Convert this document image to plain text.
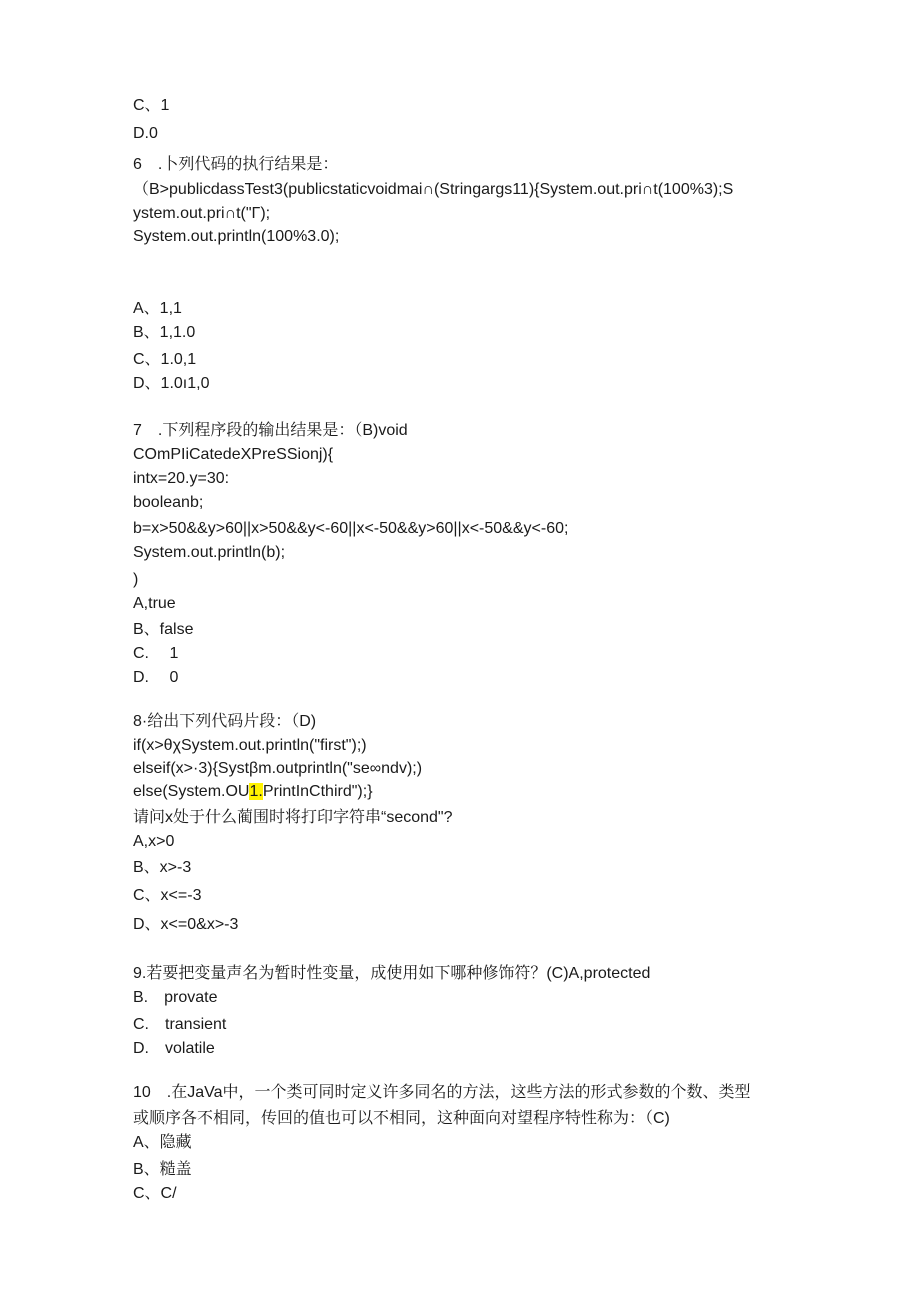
C、1
D.0
6　.卜列代码的执行结果是：
（B>publicdassTest3(publicstaticvoidmai∩(Stringargs11){System.out.pri∩t(100%3);S
ystem.out.pri∩t("Γ);
System.out.println(100%3.0);
A、1,1
B、1,1.0
C、1.0,1
D、1.0ı1,0
7　.下列程序段的输出结果是：（B)void
COmPIiCatedeXPreSSionj){
intx=20.y=30:
booleanb;
b=x>50&&y>60||x>50&&y<-60||x<-50&&y>60||x<-50&&y<-60;
System.out.println(b);
)
A,true
B、false
C.  1
D.  0
8·给出下列代码片段：（D)
if(x>θχSystem.out.println("first");)
elseif(x>·3){Systβm.outprintln("se∞ndv);)
else(System.OU1.PrintInCthird");}
请问x处于什么蔺围时将打印字符串“second"?
A,x>0
B、x>-3
C、x<=-3
D、x<=0&x>-3
9.若要把变量声名为暂时性变量，成使用如下哪种修饰符？(C)A,protected
B. provate
C. transient
D. volatile
10　.在JaVa中，一个类可同时定义许多同名的方法，这些方法的形式参数的个数、类型
或顺序各不相同，传回的值也可以不相同，这种面向对望程序特性称为：（C)
A、隐藏
B、糙盖
C、C/
